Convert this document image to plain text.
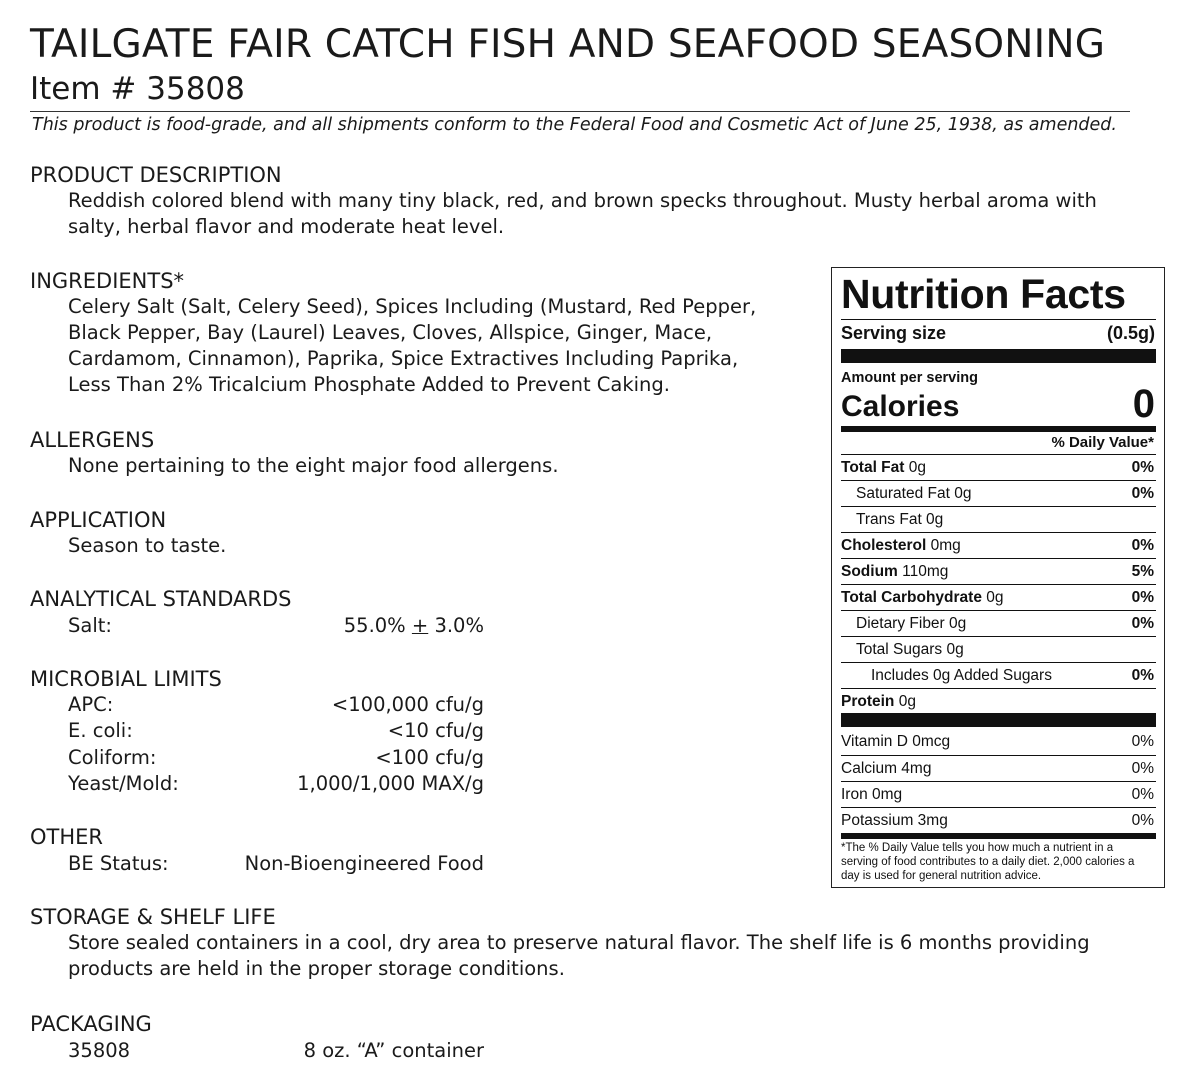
TAILGATE FAIR CATCH FISH AND SEAFOOD SEASONING
Item # 35808
This product is food-grade, and all shipments conform to the Federal Food and Cosmetic Act of June 25, 1938, as amended.
PRODUCT DESCRIPTION
Reddish colored blend with many tiny black, red, and brown specks throughout. Musty herbal aroma with salty, herbal flavor and moderate heat level.
INGREDIENTS*
Celery Salt (Salt, Celery Seed), Spices Including (Mustard, Red Pepper,
Black Pepper, Bay (Laurel) Leaves, Cloves, Allspice, Ginger, Mace,
Cardamom, Cinnamon), Paprika, Spice Extractives Including Paprika,
Less Than 2% Tricalcium Phosphate Added to Prevent Caking.
ALLERGENS
None pertaining to the eight major food allergens.
APPLICATION
Season to taste.
ANALYTICAL STANDARDS
Salt:	55.0% + 3.0%
MICROBIAL LIMITS
APC:	<100,000 cfu/g
E. coli:	<10 cfu/g
Coliform:	<100 cfu/g
Yeast/Mold:	1,000/1,000 MAX/g
OTHER
BE Status:	Non-Bioengineered Food
STORAGE & SHELF LIFE
Store sealed containers in a cool, dry area to preserve natural flavor. The shelf life is 6 months providing products are held in the proper storage conditions.
PACKAGING
35808	8 oz. “A” container
Nutrition Facts
Serving size	(0.5g)
Amount per serving
Calories	0
% Daily Value*
Total Fat 0g	0%
Saturated Fat 0g	0%
Trans Fat 0g
Cholesterol 0mg	0%
Sodium 110mg	5%
Total Carbohydrate 0g	0%
Dietary Fiber 0g	0%
Total Sugars 0g
Includes 0g Added Sugars	0%
Protein 0g
Vitamin D 0mcg	0%
Calcium 4mg	0%
Iron 0mg	0%
Potassium 3mg	0%
*The % Daily Value tells you how much a nutrient in a
serving of food contributes to a daily diet. 2,000 calories a
day is used for general nutrition advice.
